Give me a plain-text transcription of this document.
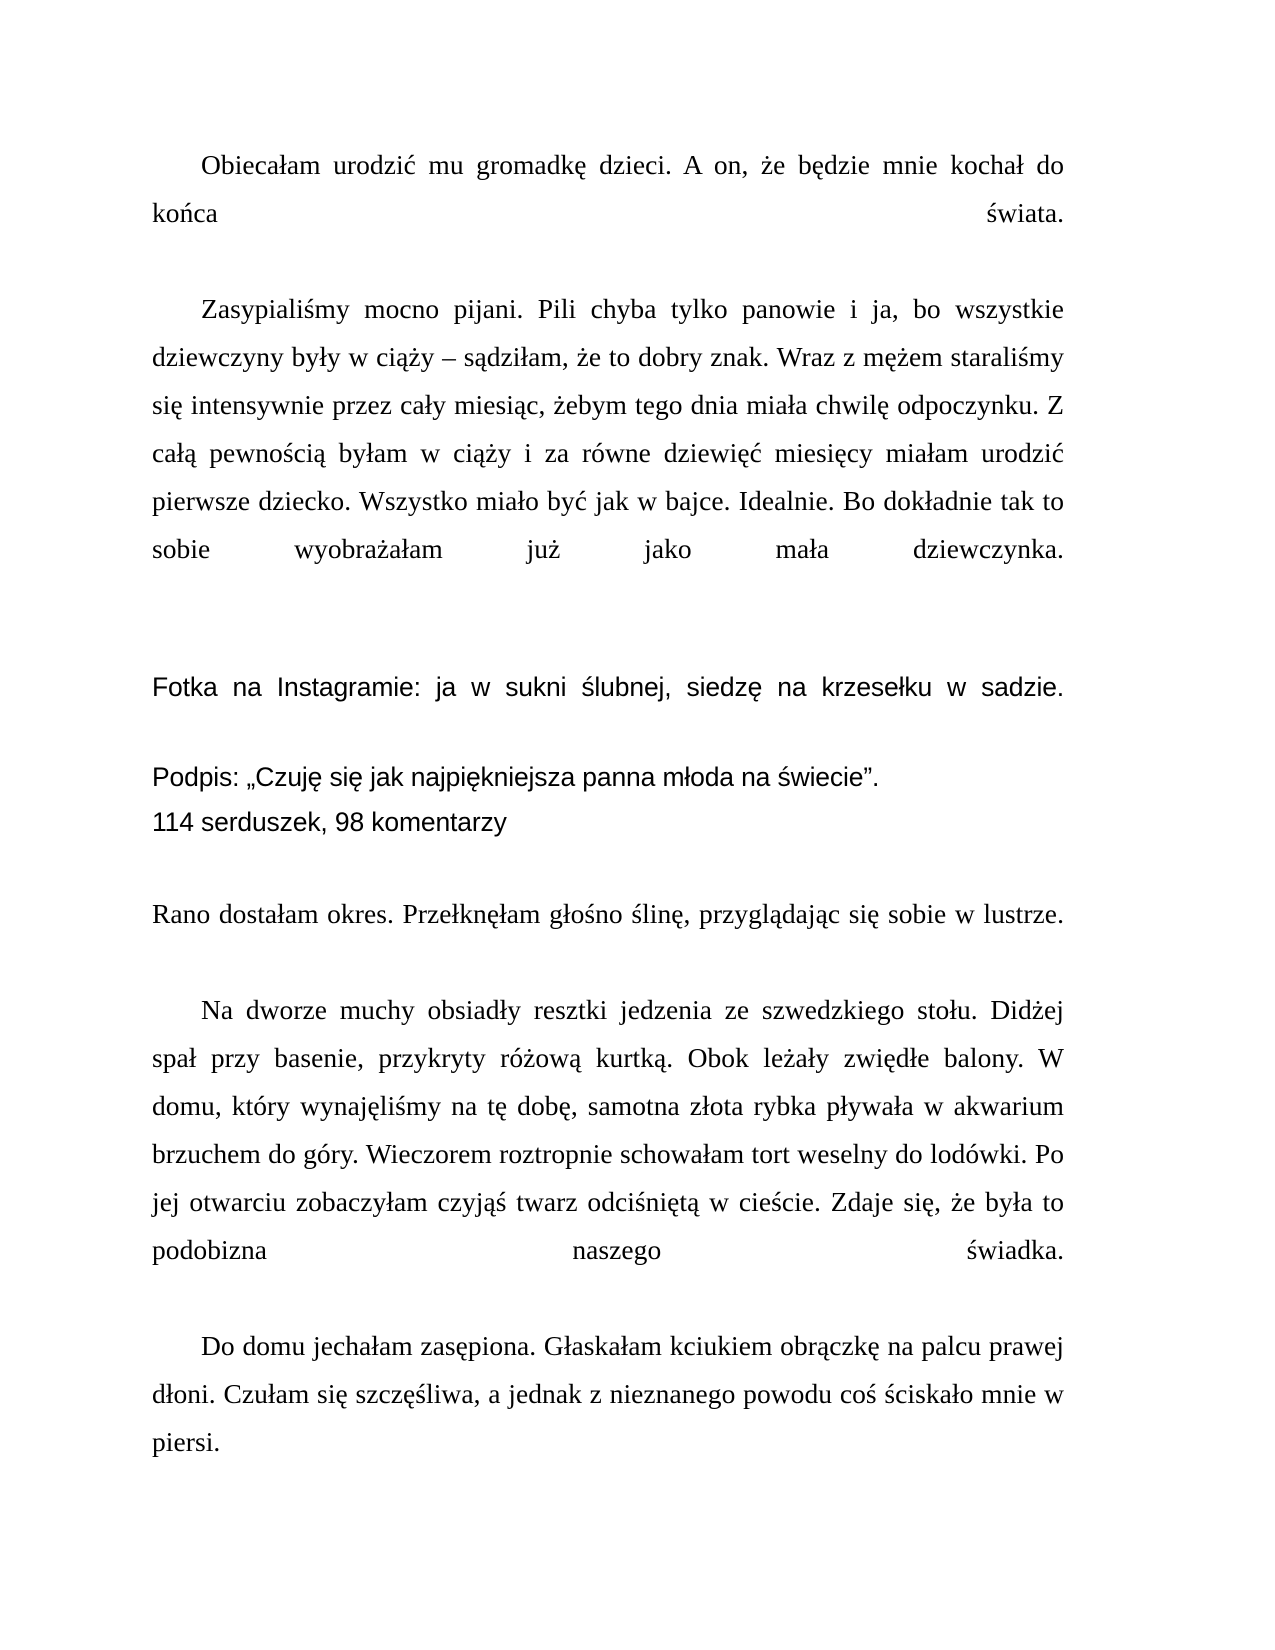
Obiecałam urodzić mu gromadkę dzieci. A on, że będzie mnie kochał do końca świata.

Zasypialiśmy mocno pijani. Pili chyba tylko panowie i ja, bo wszystkie dziewczyny były w ciąży – sądziłam, że to dobry znak. Wraz z mężem staraliśmy się intensywnie przez cały miesiąc, żebym tego dnia miała chwilę odpoczynku. Z całą pewnością byłam w ciąży i za równe dziewięć miesięcy miałam urodzić pierwsze dziecko. Wszystko miało być jak w bajce. Idealnie. Bo dokładnie tak to sobie wyobrażałam już jako mała dziewczynka.

Fotka na Instagramie: ja w sukni ślubnej, siedzę na krzesełku w sadzie.

Podpis: „Czuję się jak najpiękniejsza panna młoda na świecie”.

114 serduszek, 98 komentarzy

Rano dostałam okres. Przełknęłam głośno ślinę, przyglądając się sobie w lustrze.

Na dworze muchy obsiadły resztki jedzenia ze szwedzkiego stołu. Didżej spał przy basenie, przykryty różową kurtką. Obok leżały zwiędłe balony. W domu, który wynajęliśmy na tę dobę, samotna złota rybka pływała w akwarium brzuchem do góry. Wieczorem roztropnie schowałam tort weselny do lodówki. Po jej otwarciu zobaczyłam czyjąś twarz odciśniętą w cieście. Zdaje się, że była to podobizna naszego świadka.

Do domu jechałam zasępiona. Głaskałam kciukiem obrączkę na palcu prawej dłoni. Czułam się szczęśliwa, a jednak z nieznanego powodu coś ściskało mnie w piersi.
